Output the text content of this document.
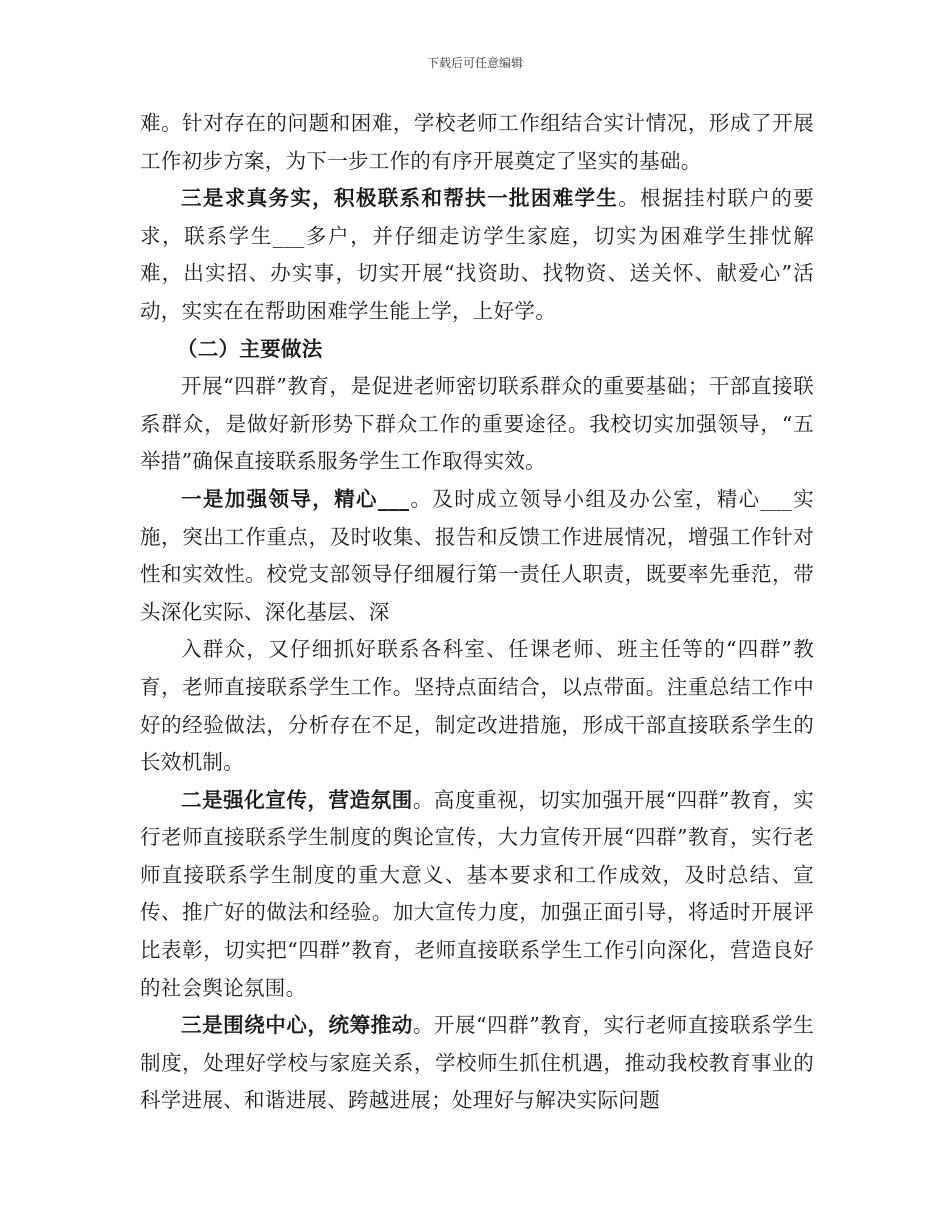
下载后可任意编辑

难。针对存在的问题和困难，学校老师工作组结合实计情况，形成了开展工作初步方案，为下一步工作的有序开展奠定了坚实的基础。

三是求真务实，积极联系和帮扶一批困难学生。根据挂村联户的要求，联系学生___多户，并仔细走访学生家庭，切实为困难学生排忧解难，出实招、办实事，切实开展“找资助、找物资、送关怀、献爱心”活动，实实在在帮助困难学生能上学，上好学。

（二）主要做法

开展“四群”教育，是促进老师密切联系群众的重要基础；干部直接联系群众，是做好新形势下群众工作的重要途径。我校切实加强领导，“五举措”确保直接联系服务学生工作取得实效。

一是加强领导，精心___。及时成立领导小组及办公室，精心___实施，突出工作重点，及时收集、报告和反馈工作进展情况，增强工作针对性和实效性。校党支部领导仔细履行第一责任人职责，既要率先垂范，带头深化实际、深化基层、深

入群众，又仔细抓好联系各科室、任课老师、班主任等的“四群”教育，老师直接联系学生工作。坚持点面结合，以点带面。注重总结工作中好的经验做法，分析存在不足，制定改进措施，形成干部直接联系学生的长效机制。

二是强化宣传，营造氛围。高度重视，切实加强开展“四群”教育，实行老师直接联系学生制度的舆论宣传，大力宣传开展“四群”教育，实行老师直接联系学生制度的重大意义、基本要求和工作成效，及时总结、宣传、推广好的做法和经验。加大宣传力度，加强正面引导，将适时开展评比表彰，切实把“四群”教育，老师直接联系学生工作引向深化，营造良好的社会舆论氛围。

三是围绕中心，统筹推动。开展“四群”教育，实行老师直接联系学生制度，处理好学校与家庭关系，学校师生抓住机遇，推动我校教育事业的科学进展、和谐进展、跨越进展；处理好与解决实际问题
